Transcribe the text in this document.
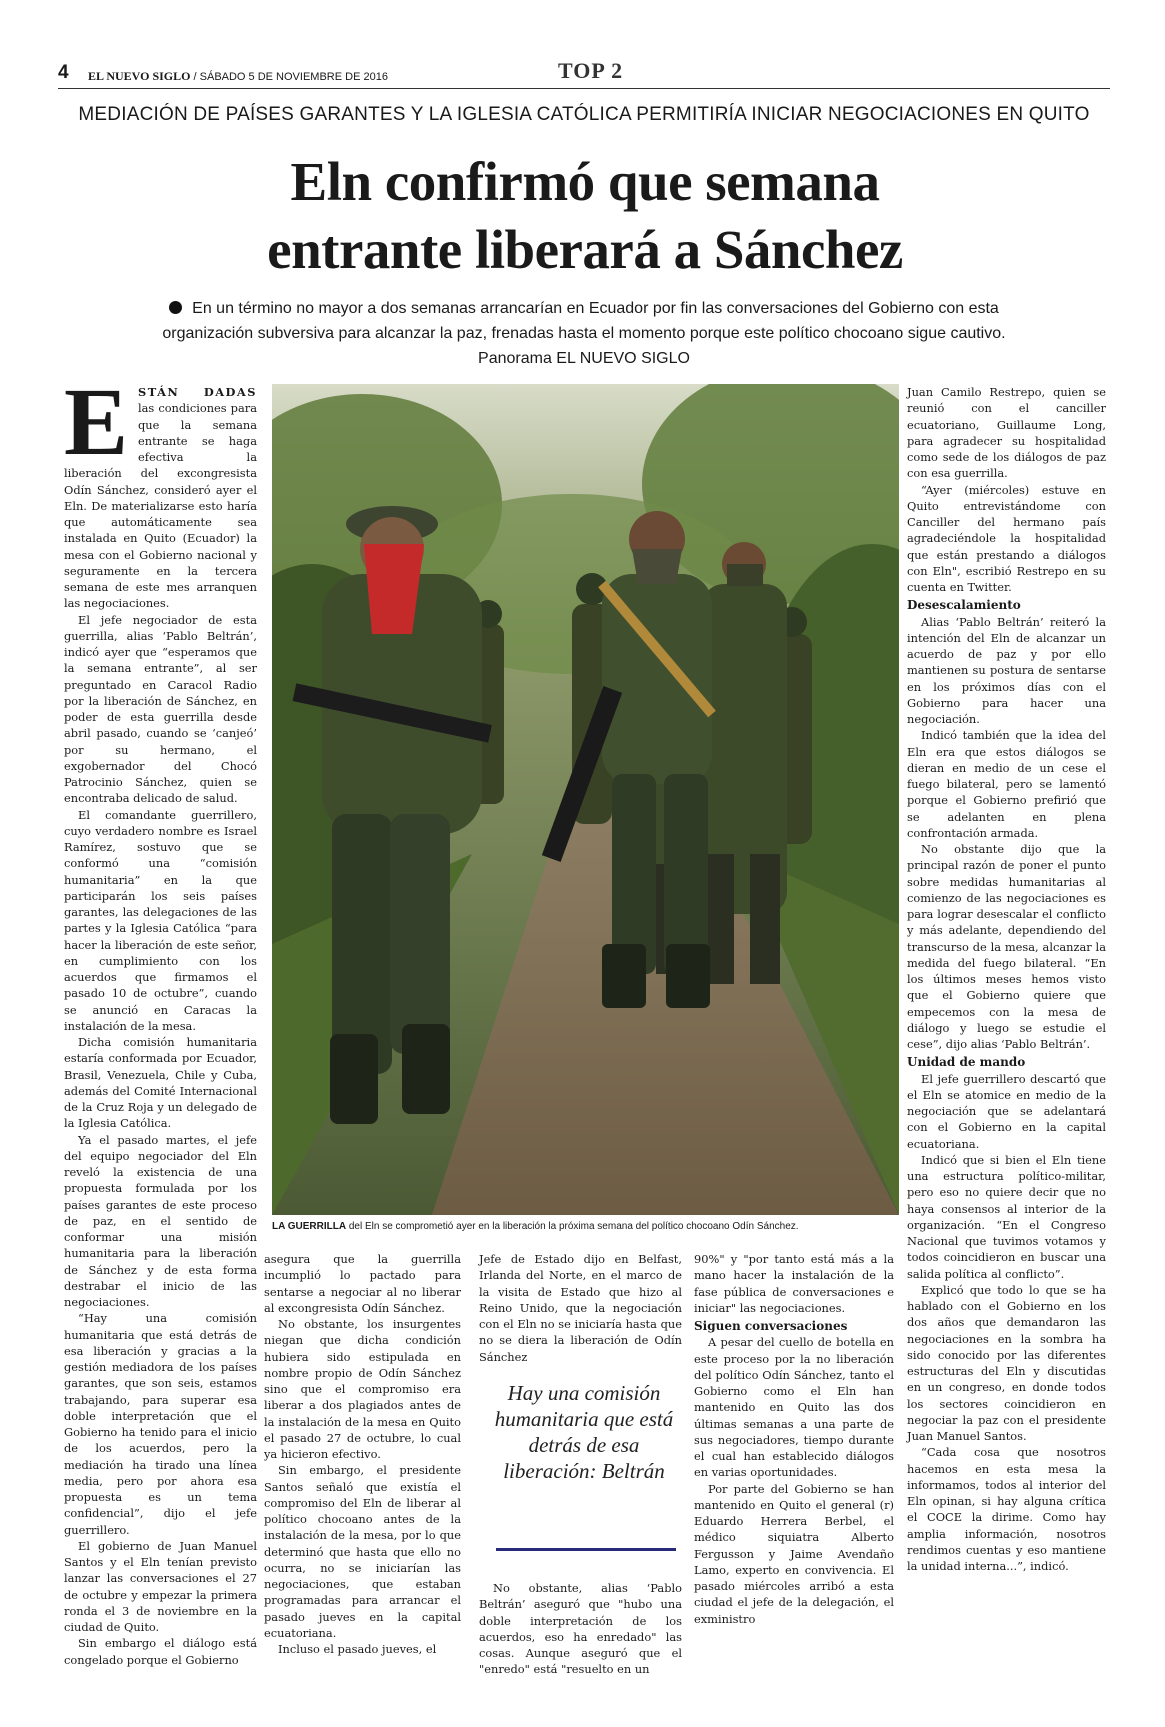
4 EL NUEVO SIGLO / SÁBADO 5 DE NOVIEMBRE DE 2016	TOP 2
MEDIACIÓN DE PAÍSES GARANTES Y LA IGLESIA CATÓLICA PERMITIRÍA INICIAR NEGOCIACIONES EN QUITO
Eln confirmó que semana
entrante liberará a Sánchez
En un término no mayor a dos semanas arrancarían en Ecuador por fin las conversaciones del Gobierno con esta organización subversiva para alcanzar la paz, frenadas hasta el momento porque este político chocoano sigue cautivo. Panorama EL NUEVO SIGLO
LA GUERRILLA del Eln se comprometió ayer en la liberación la próxima semana del político chocoano Odín Sánchez.
Hay una comisión humanitaria que está detrás de esa liberación: Beltrán
E STÁN DADAS las condiciones para que la semana entrante se haga efectiva la liberación del excongresista Odín Sánchez, consideró ayer el Eln. De materializarse esto haría que automáticamente sea instalada en Quito (Ecuador) la mesa con el Gobierno nacional y seguramente en la tercera semana de este mes arranquen las negociaciones.

El jefe negociador de esta guerrilla, alias ‘Pablo Beltrán’, indicó ayer que “esperamos que la semana entrante”, al ser preguntado en Caracol Radio por la liberación de Sánchez, en poder de esta guerrilla desde abril pasado, cuando se ‘canjeó’ por su hermano, el exgobernador del Chocó Patrocinio Sánchez, quien se encontraba delicado de salud.

El comandante guerrillero, cuyo verdadero nombre es Israel Ramírez, sostuvo que se conformó una “comisión humanitaria” en la que participarán los seis países garantes, las delegaciones de las partes y la Iglesia Católica “para hacer la liberación de este señor, en cumplimiento con los acuerdos que firmamos el pasado 10 de octubre”, cuando se anunció en Caracas la instalación de la mesa.

Dicha comisión humanitaria estaría conformada por Ecuador, Brasil, Venezuela, Chile y Cuba, además del Comité Internacional de la Cruz Roja y un delegado de la Iglesia Católica.

Ya el pasado martes, el jefe del equipo negociador del Eln reveló la existencia de una propuesta formulada por los países garantes de este proceso de paz, en el sentido de conformar una misión humanitaria para la liberación de Sánchez y de esta forma destrabar el inicio de las negociaciones.

“Hay una comisión humanitaria que está detrás de esa liberación y gracias a la gestión mediadora de los países garantes, que son seis, estamos trabajando, para superar esa doble interpretación que el Gobierno ha tenido para el inicio de los acuerdos, pero la mediación ha tirado una línea media, pero por ahora esa propuesta es un tema confidencial”, dijo el jefe guerrillero.

El gobierno de Juan Manuel Santos y el Eln tenían previsto lanzar las conversaciones el 27 de octubre y empezar la primera ronda el 3 de noviembre en la ciudad de Quito.

Sin embargo el diálogo está congelado porque el Gobierno

asegura que la guerrilla incumplió lo pactado para sentarse a negociar al no liberar al excongresista Odín Sánchez.

No obstante, los insurgentes niegan que dicha condición hubiera sido estipulada en nombre propio de Odín Sánchez sino que el compromiso era liberar a dos plagiados antes de la instalación de la mesa en Quito el pasado 27 de octubre, lo cual ya hicieron efectivo.

Sin embargo, el presidente Santos señaló que existía el compromiso del Eln de liberar al político chocoano antes de la instalación de la mesa, por lo que determinó que hasta que ello no ocurra, no se iniciarían las negociaciones, que estaban programadas para arrancar el pasado jueves en la capital ecuatoriana.

Incluso el pasado jueves, el

Jefe de Estado dijo en Belfast, Irlanda del Norte, en el marco de la visita de Estado que hizo al Reino Unido, que la negociación con el Eln no se iniciaría hasta que no se diera la liberación de Odín Sánchez

No obstante, alias ‘Pablo Beltrán’ aseguró que "hubo una doble interpretación de los acuerdos, eso ha enredado" las cosas. Aunque aseguró que el "enredo" está "resuelto en un

90%" y "por tanto está más a la mano hacer la instalación de la fase pública de conversaciones e iniciar" las negociaciones.

Siguen conversaciones

A pesar del cuello de botella en este proceso por la no liberación del político Odín Sánchez, tanto el Gobierno como el Eln han mantenido en Quito las dos últimas semanas a una parte de sus negociadores, tiempo durante el cual han establecido diálogos en varias oportunidades.

Por parte del Gobierno se han mantenido en Quito el general (r) Eduardo Herrera Berbel, el médico siquiatra Alberto Fergusson y Jaime Avendaño Lamo, experto en convivencia. El pasado miércoles arribó a esta ciudad el jefe de la delegación, el exministro

Juan Camilo Restrepo, quien se reunió con el canciller ecuatoriano, Guillaume Long, para agradecer su hospitalidad como sede de los diálogos de paz con esa guerrilla.

“Ayer (miércoles) estuve en Quito entrevistándome con Canciller del hermano país agradeciéndole la hospitalidad que están prestando a diálogos con Eln", escribió Restrepo en su cuenta en Twitter.

Desescalamiento

Alias ‘Pablo Beltrán’ reiteró la intención del Eln de alcanzar un acuerdo de paz y por ello mantienen su postura de sentarse en los próximos días con el Gobierno para hacer una negociación.

Indicó también que la idea del Eln era que estos diálogos se dieran en medio de un cese el fuego bilateral, pero se lamentó porque el Gobierno prefirió que se adelanten en plena confrontación armada.

No obstante dijo que la principal razón de poner el punto sobre medidas humanitarias al comienzo de las negociaciones es para lograr desescalar el conflicto y más adelante, dependiendo del transcurso de la mesa, alcanzar la medida del fuego bilateral. “En los últimos meses hemos visto que el Gobierno quiere que empecemos con la mesa de diálogo y luego se estudie el cese”, dijo alias ‘Pablo Beltrán’.

Unidad de mando

El jefe guerrillero descartó que el Eln se atomice en medio de la negociación que se adelantará con el Gobierno en la capital ecuatoriana.

Indicó que si bien el Eln tiene una estructura político-militar, pero eso no quiere decir que no haya consensos al interior de la organización. “En el Congreso Nacional que tuvimos votamos y todos coincidieron en buscar una salida política al conflicto”.

Explicó que todo lo que se ha hablado con el Gobierno en los dos años que demandaron las negociaciones en la sombra ha sido conocido por las diferentes estructuras del Eln y discutidas en un congreso, en donde todos los sectores coincidieron en negociar la paz con el presidente Juan Manuel Santos.

“Cada cosa que nosotros hacemos en esta mesa la informamos, todos al interior del Eln opinan, si hay alguna crítica el COCE la dirime. Como hay amplia información, nosotros rendimos cuentas y eso mantiene la unidad interna...”, indicó.
